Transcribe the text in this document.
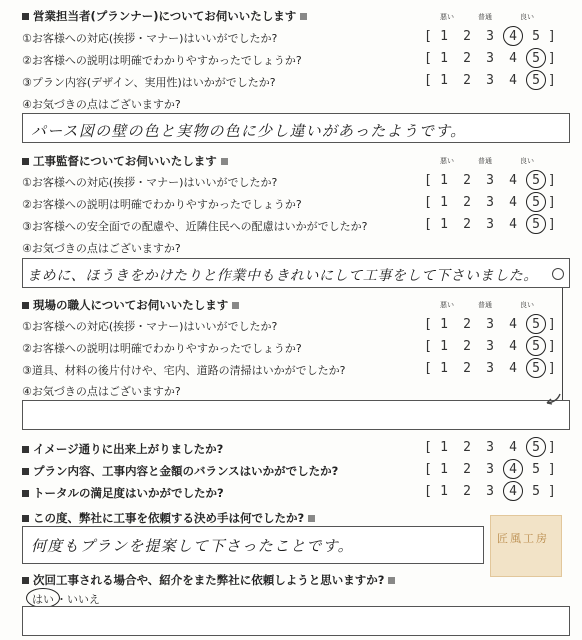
営業担当者(プランナー)についてお伺いいたします	悪い	普通	良い
①お客様への対応(挨拶・マナー)はいいがでしたか?	[ 1 2 3 4 5 ]
②お客様への説明は明確でわかりやすかったでしょうか?	[ 1 2 3 4 5 ]
③プラン内容(デザイン、実用性)はいかがでしたか?	[ 1 2 3 4 5 ]
④お気づきの点はございますか?
パース図の壁の色と実物の色に少し違いがあったようです。
工事監督についてお伺いいたします	悪い	普通	良い
①お客様への対応(挨拶・マナー)はいいがでしたか?	[ 1 2 3 4 5 ]
②お客様への説明は明確でわかりやすかったでしょうか?	[ 1 2 3 4 5 ]
③お客様への安全面での配慮や、近隣住民への配慮はいかがでしたか?	[ 1 2 3 4 5 ]
④お気づきの点はございますか?
まめに、ほうきをかけたりと作業中もきれいにして工事をして下さいました。
現場の職人についてお伺いいたします	悪い	普通	良い
①お客様への対応(挨拶・マナー)はいいがでしたか?	[ 1 2 3 4 5 ]
②お客様への説明は明確でわかりやすかったでしょうか?	[ 1 2 3 4 5 ]
③道具、材料の後片付けや、宅内、道路の清掃はいかがでしたか?	[ 1 2 3 4 5 ]
④お気づきの点はございますか?
イメージ通りに出来上がりましたか?	[ 1 2 3 4 5 ]
プラン内容、工事内容と金額のバランスはいかがでしたか?	[ 1 2 3 4 5 ]
トータルの満足度はいかがでしたか?	[ 1 2 3 4 5 ]
この度、弊社に工事を依頼する決め手は何でしたか?
何度もプランを提案して下さったことです。	匠風工房
次回工事される場合や、紹介をまた弊社に依頼しようと思いますか?
はい ・いいえ
